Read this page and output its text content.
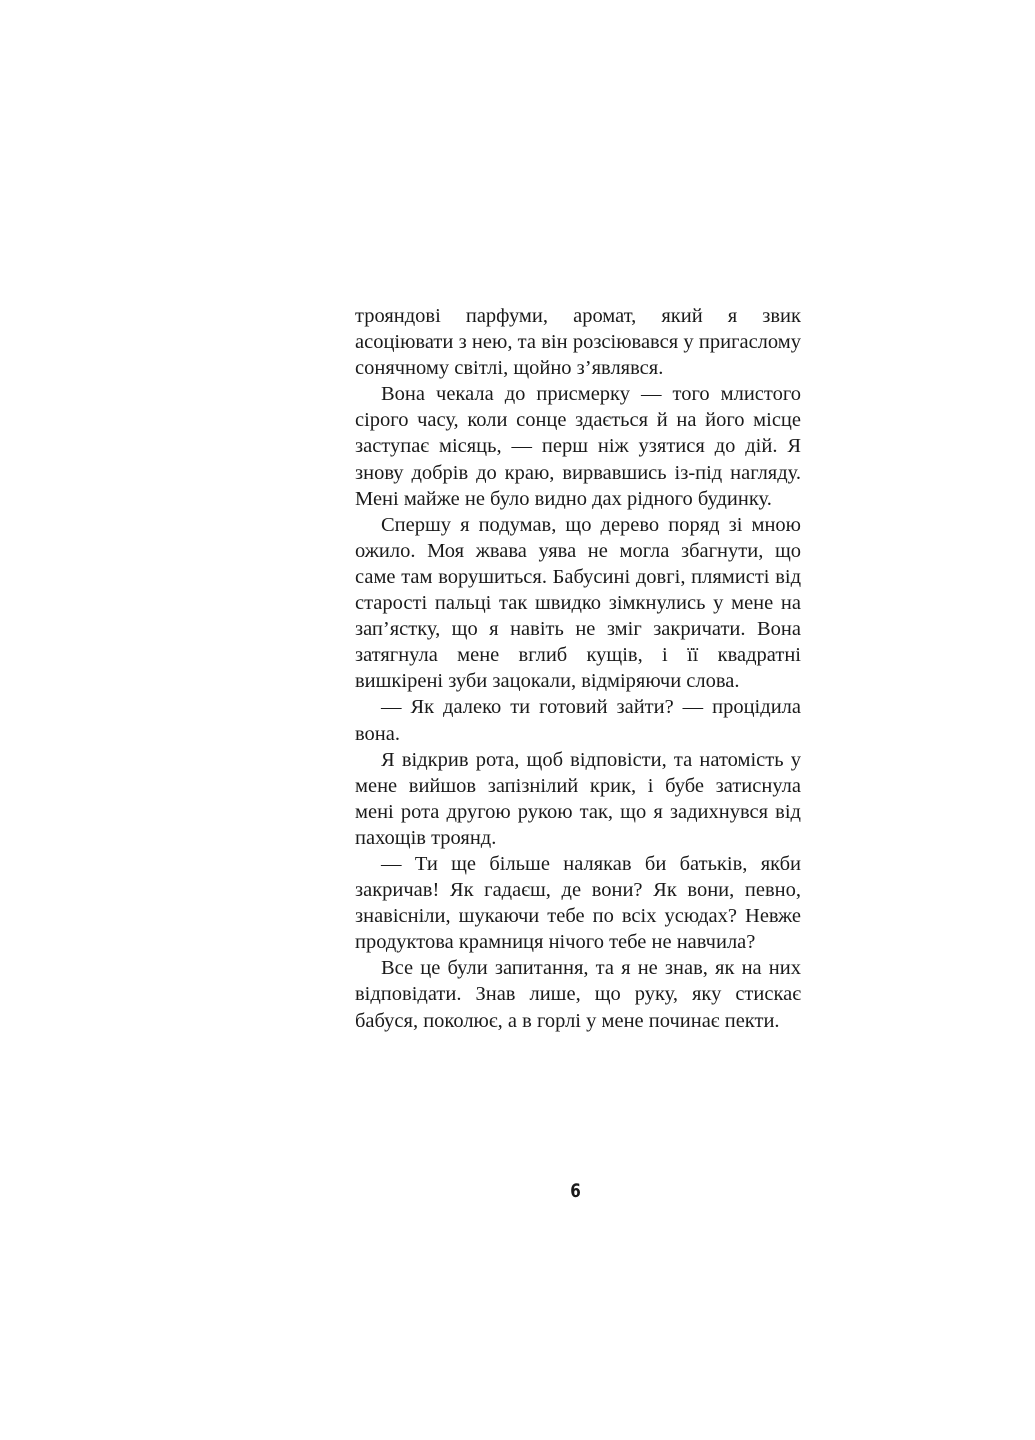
трояндові парфуми, аромат, який я звик асоціювати з нею, та він розсіювався у пригаслому сонячному світлі, щойно з’являвся.

Вона чекала до присмерку — того млистого сірого часу, коли сонце здається й на його місце заступає місяць, — перш ніж узятися до дій. Я знову добрів до краю, вирвавшись із-під нагляду. Мені майже не було видно дах рідного будинку.

Спершу я подумав, що дерево поряд зі мною ожило. Моя жвава уява не могла збагнути, що саме там ворушиться. Бабусині довгі, плямисті від старості пальці так швидко зімкнулись у мене на зап’ястку, що я навіть не зміг закричати. Вона затягнула мене вглиб кущів, і її квадратні вишкірені зуби зацокали, відміряючи слова.

— Як далеко ти готовий зайти? — процідила вона.

Я відкрив рота, щоб відповісти, та натомість у мене вийшов запізнілий крик, і бубе затиснула мені рота другою рукою так, що я задихнувся від пахощів троянд.

— Ти ще більше налякав би батьків, якби закричав! Як гадаєш, де вони? Як вони, певно, знавісніли, шукаючи тебе по всіх усюдах? Невже продуктова крамниця нічого тебе не навчила?

Все це були запитання, та я не знав, як на них відповідати. Знав лише, що руку, яку стискає бабуся, поколює, а в горлі у мене починає пекти.

6
